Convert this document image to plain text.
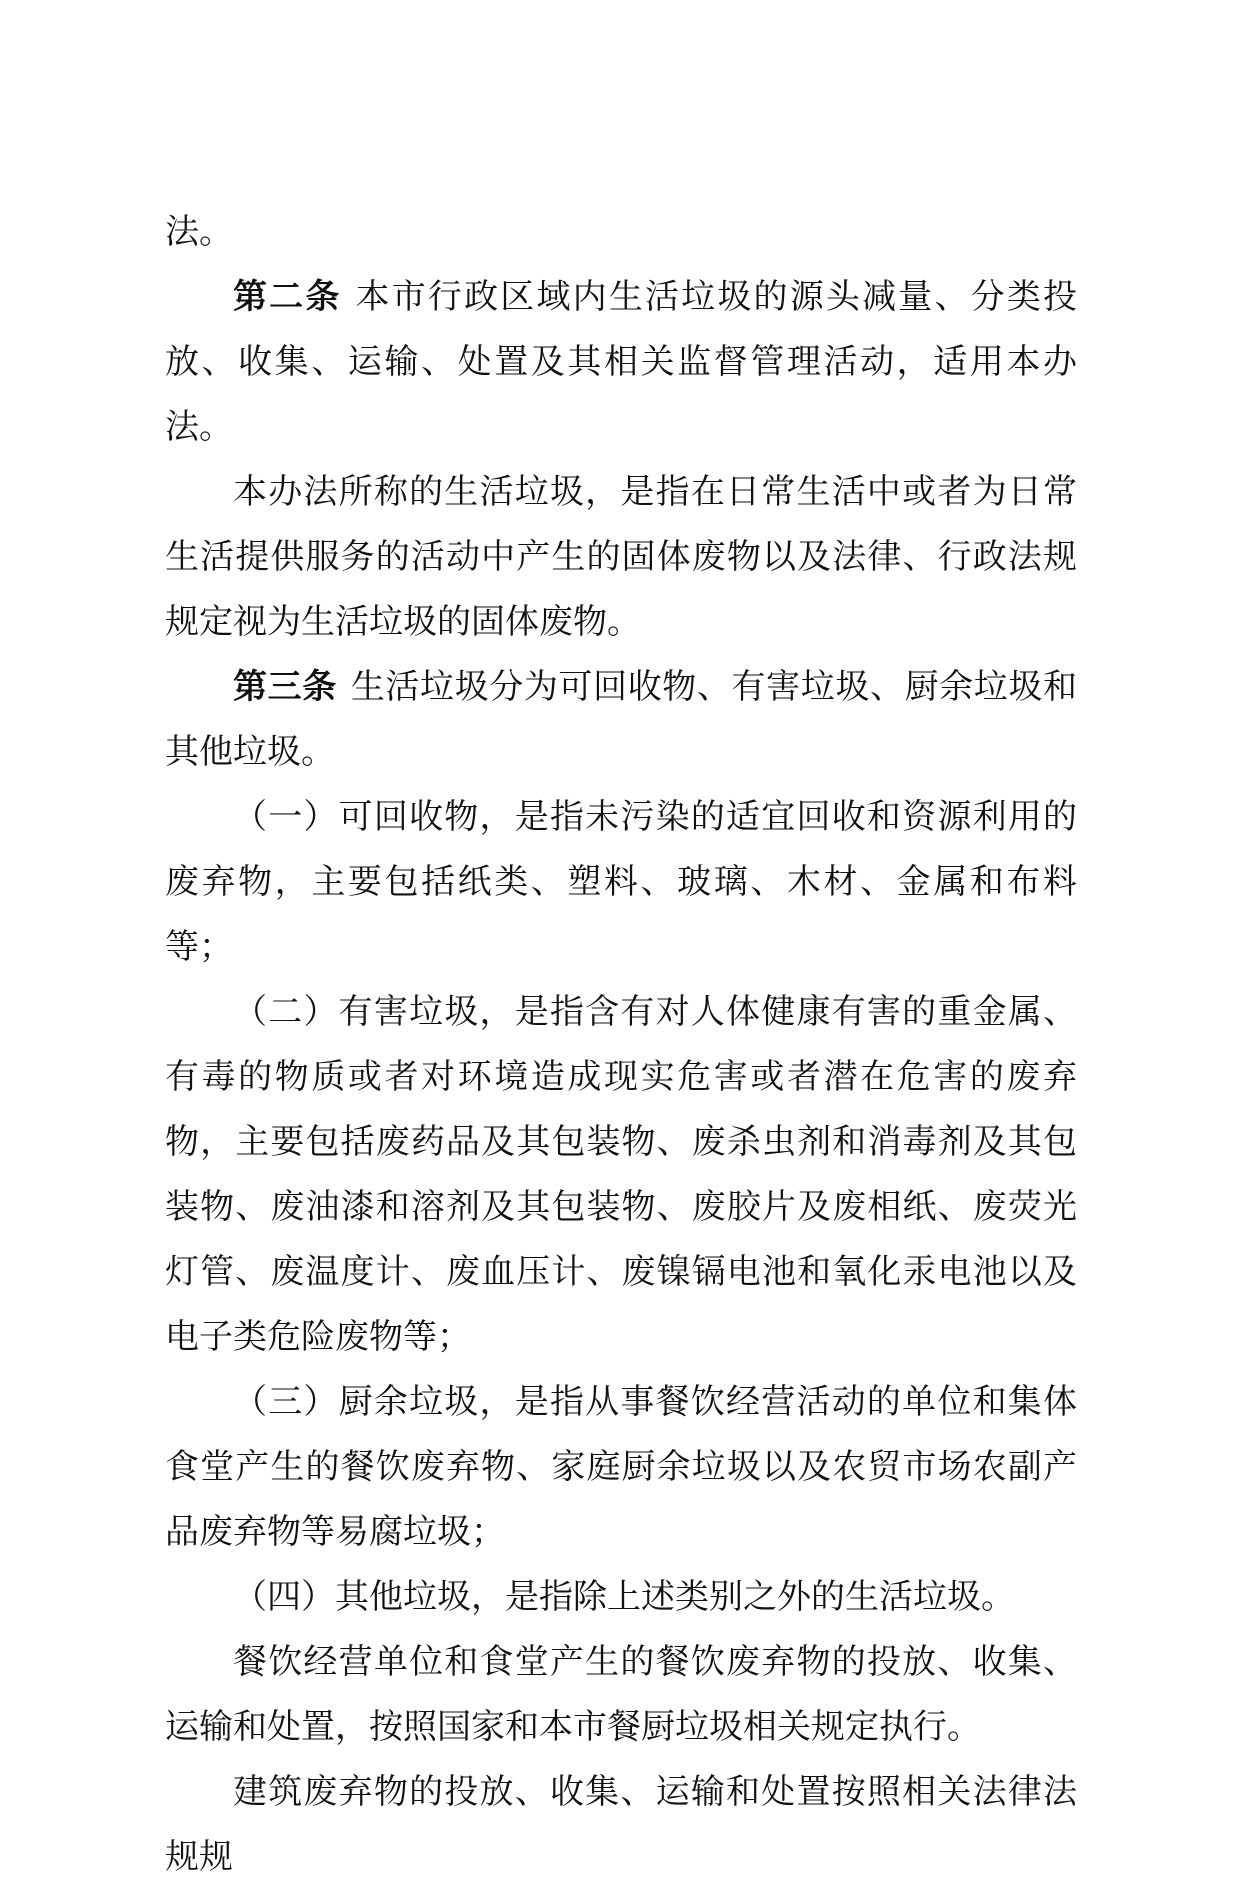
法。

第二条 本市行政区域内生活垃圾的源头减量、分类投放、收集、运输、处置及其相关监督管理活动，适用本办法。

本办法所称的生活垃圾，是指在日常生活中或者为日常生活提供服务的活动中产生的固体废物以及法律、行政法规规定视为生活垃圾的固体废物。

第三条 生活垃圾分为可回收物、有害垃圾、厨余垃圾和其他垃圾。

（一）可回收物，是指未污染的适宜回收和资源利用的废弃物，主要包括纸类、塑料、玻璃、木材、金属和布料等；

（二）有害垃圾，是指含有对人体健康有害的重金属、有毒的物质或者对环境造成现实危害或者潜在危害的废弃物，主要包括废药品及其包装物、废杀虫剂和消毒剂及其包装物、废油漆和溶剂及其包装物、废胶片及废相纸、废荧光灯管、废温度计、废血压计、废镍镉电池和氧化汞电池以及电子类危险废物等；

（三）厨余垃圾，是指从事餐饮经营活动的单位和集体食堂产生的餐饮废弃物、家庭厨余垃圾以及农贸市场农副产品废弃物等易腐垃圾；

（四）其他垃圾，是指除上述类别之外的生活垃圾。

餐饮经营单位和食堂产生的餐饮废弃物的投放、收集、运输和处置，按照国家和本市餐厨垃圾相关规定执行。

建筑废弃物的投放、收集、运输和处置按照相关法律法规规
